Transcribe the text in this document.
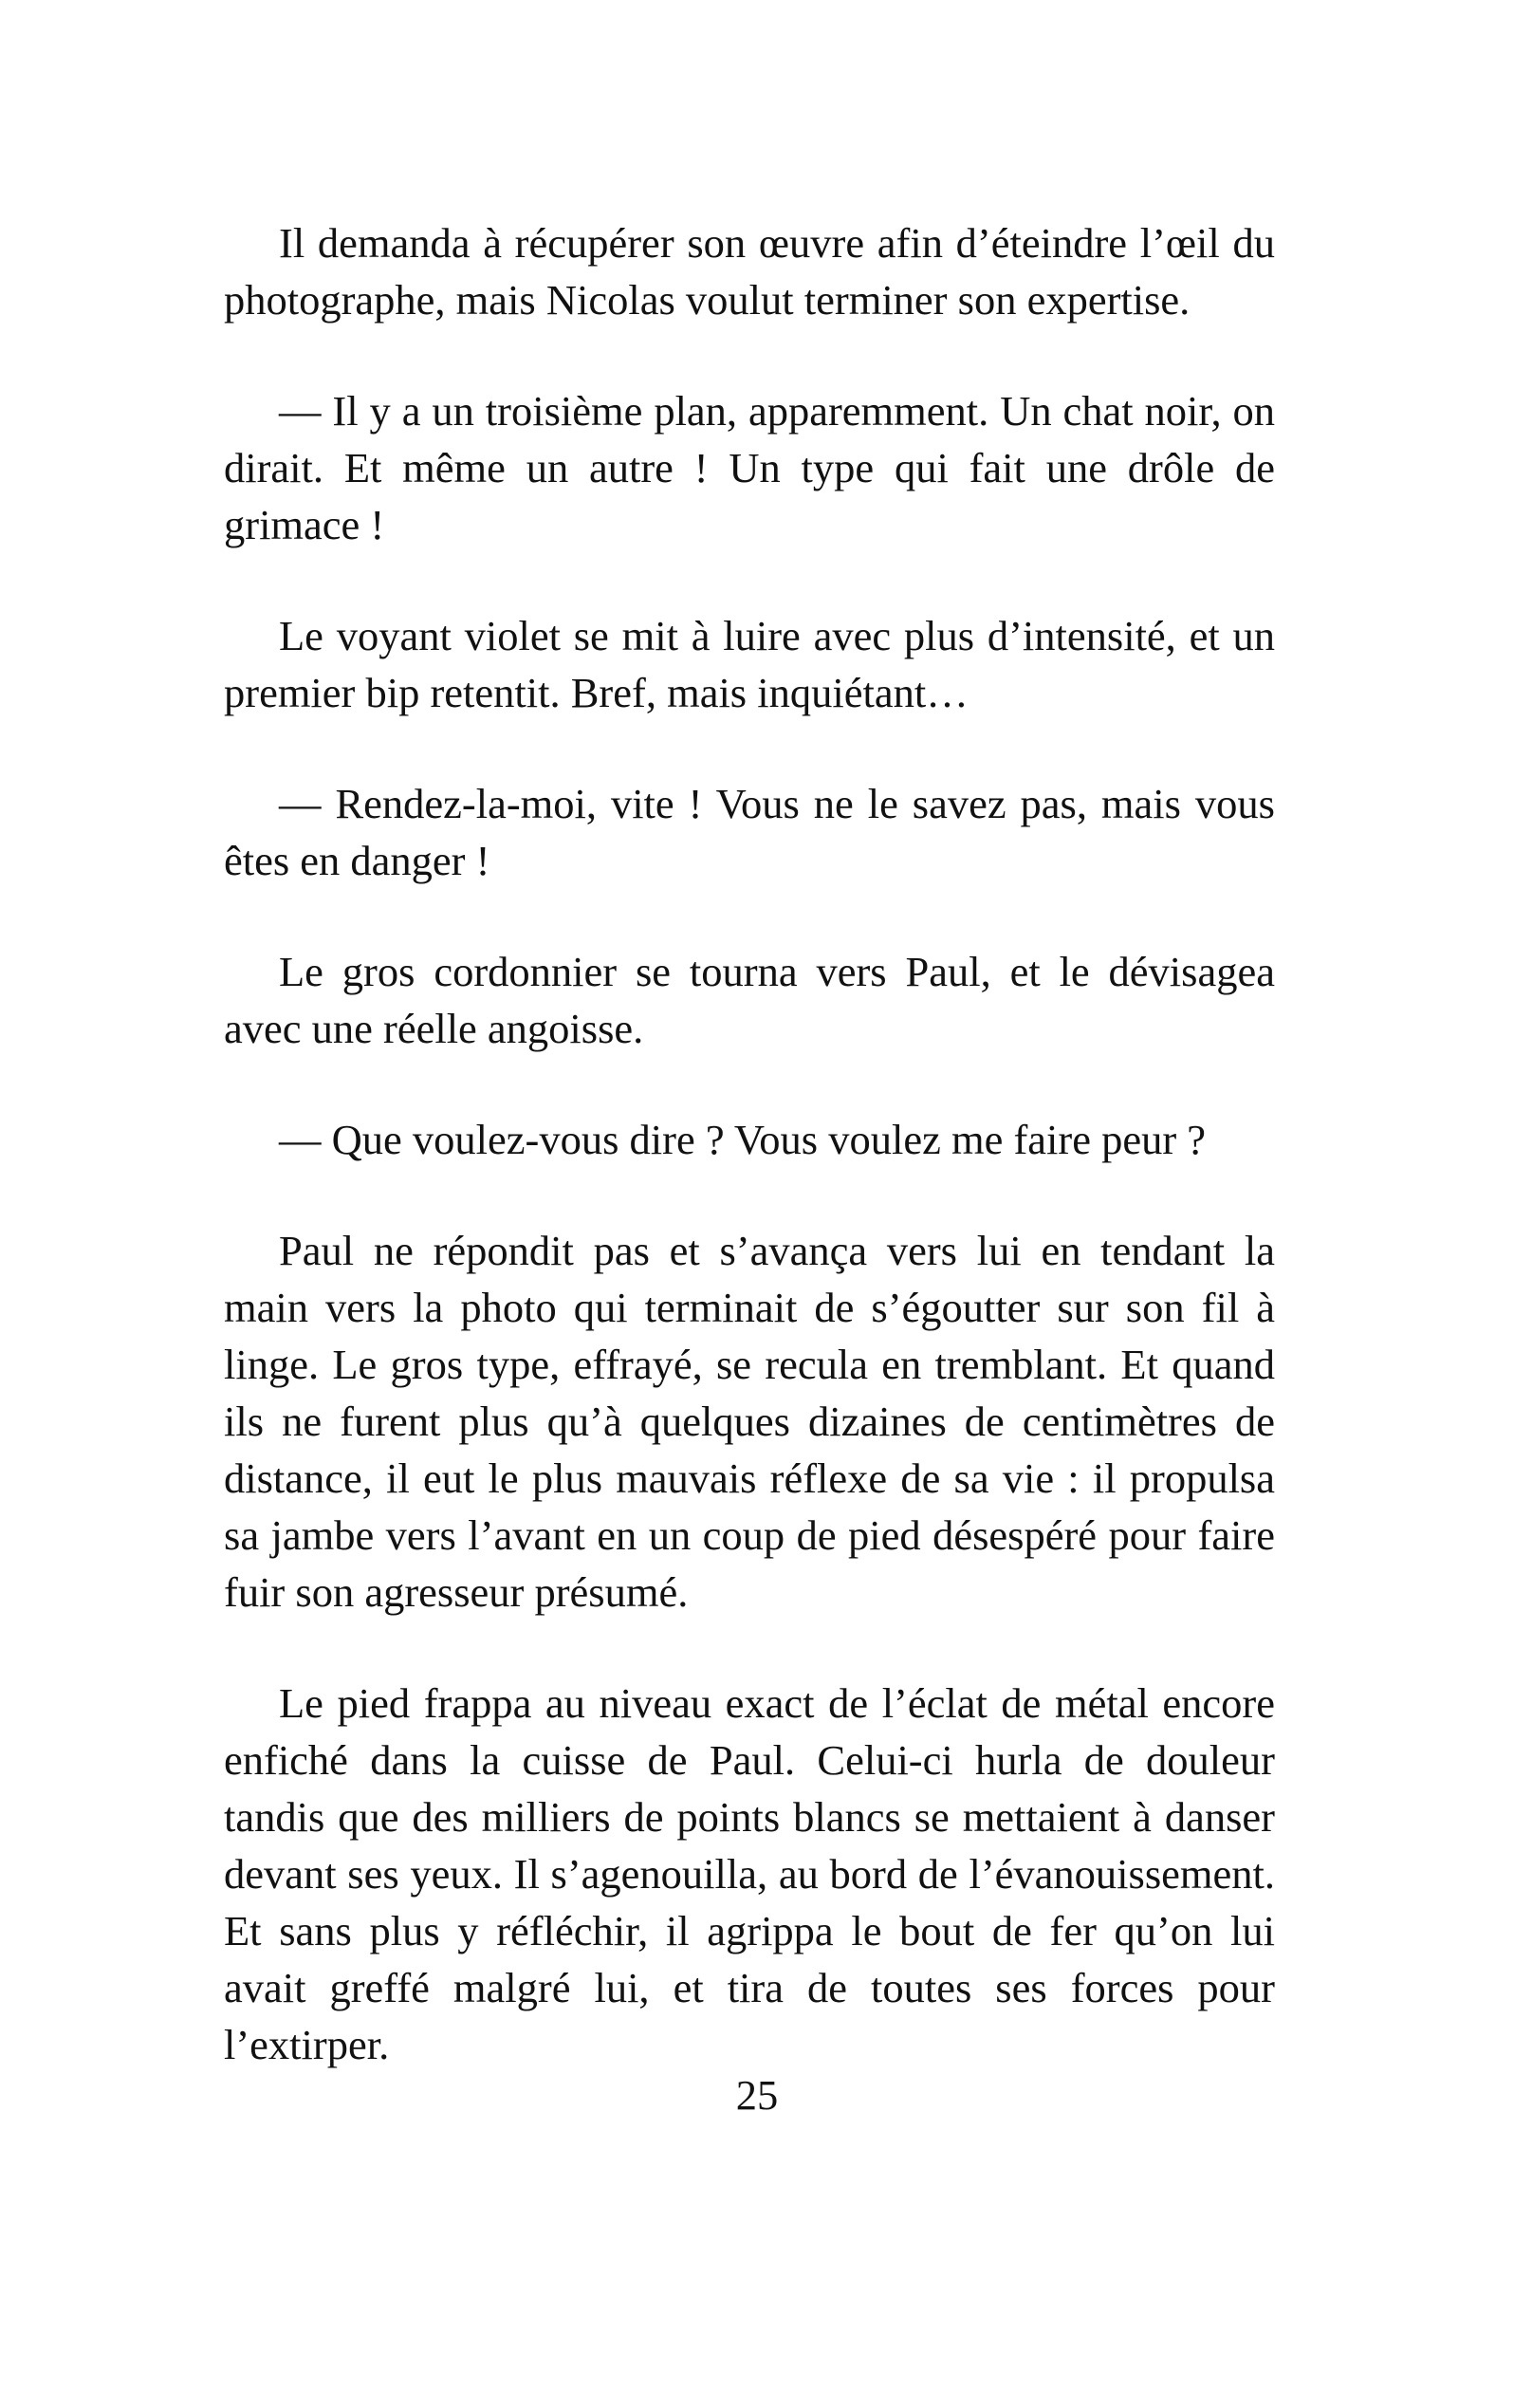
Il demanda à récupérer son œuvre afin d’éteindre l’œil du photographe, mais Nicolas voulut terminer son expertise.

— Il y a un troisième plan, apparemment. Un chat noir, on dirait. Et même un autre ! Un type qui fait une drôle de grimace !

Le voyant violet se mit à luire avec plus d’intensité, et un premier bip retentit. Bref, mais inquiétant…

— Rendez-la-moi, vite ! Vous ne le savez pas, mais vous êtes en danger !

Le gros cordonnier se tourna vers Paul, et le dévisagea avec une réelle angoisse.

— Que voulez-vous dire ? Vous voulez me faire peur ?

Paul ne répondit pas et s’avança vers lui en tendant la main vers la photo qui terminait de s’égoutter sur son fil à linge. Le gros type, effrayé, se recula en tremblant. Et quand ils ne furent plus qu’à quelques dizaines de centimètres de distance, il eut le plus mauvais réflexe de sa vie : il propulsa sa jambe vers l’avant en un coup de pied désespéré pour faire fuir son agresseur présumé.

Le pied frappa au niveau exact de l’éclat de métal encore enfiché dans la cuisse de Paul. Celui-ci hurla de douleur tandis que des milliers de points blancs se mettaient à danser devant ses yeux. Il s’agenouilla, au bord de l’évanouissement. Et sans plus y réfléchir, il agrippa le bout de fer qu’on lui avait greffé malgré lui, et tira de toutes ses forces pour l’extirper.

25
